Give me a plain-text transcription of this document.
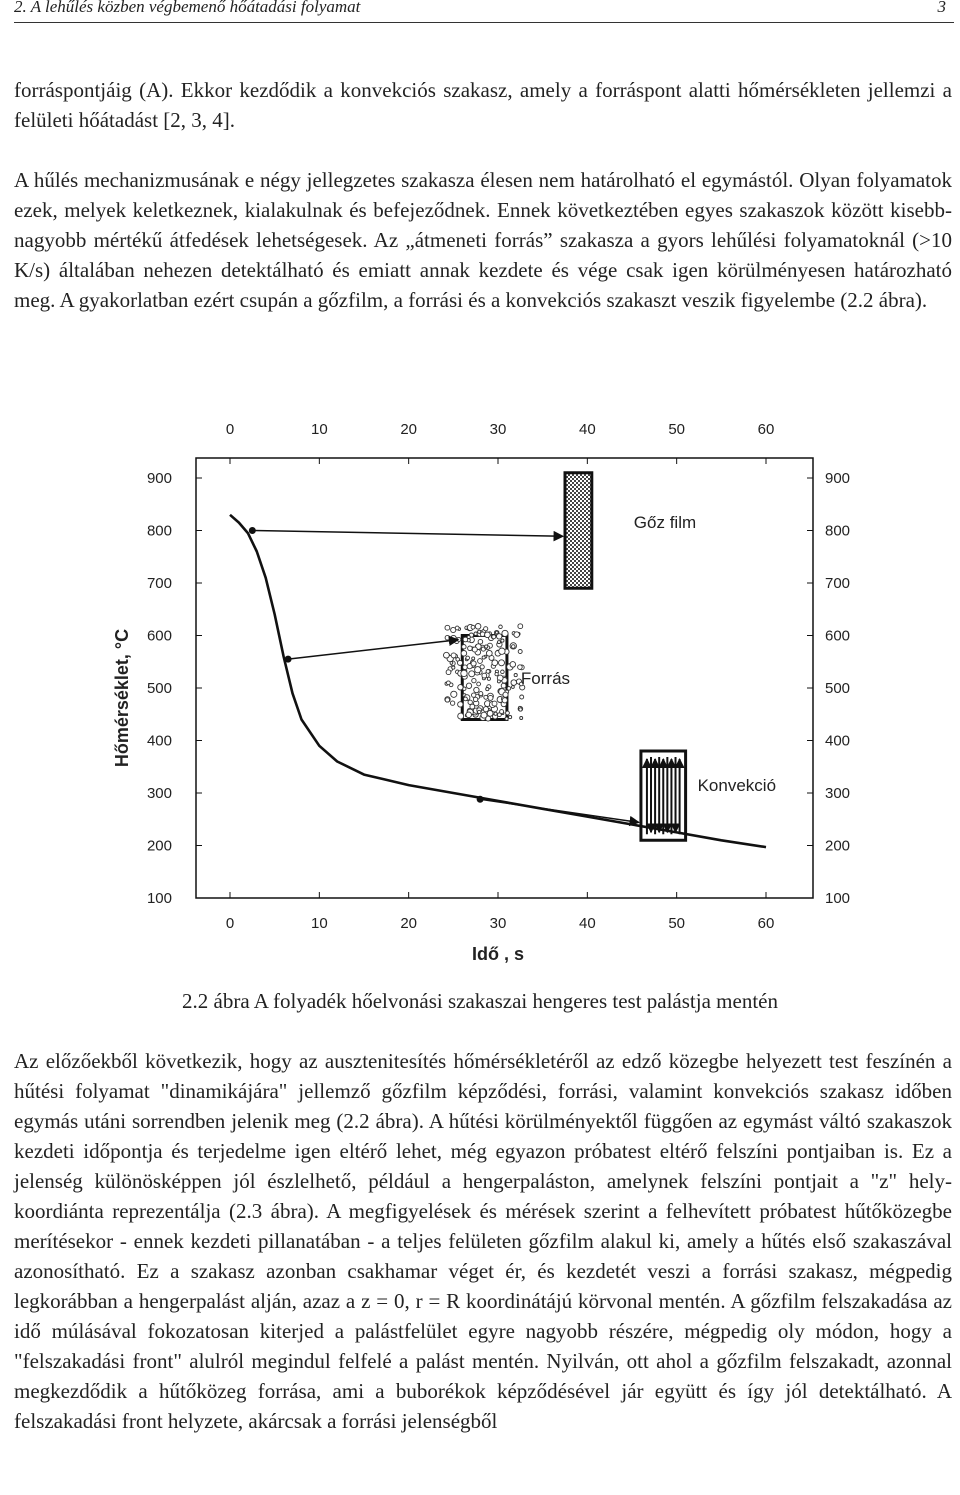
2. A lehűlés közben végbemenő hőátadási folyamat	3

forráspontjáig (A). Ekkor kezdődik a konvekciós szakasz, amely a forráspont alatti hőmérsékleten jellemzi a felületi hőátadást [2, 3, 4].

A hűlés mechanizmusának e négy jellegzetes szakasza élesen nem határolható el egymástól. Olyan folyamatok ezek, melyek keletkeznek, kialakulnak és befejeződnek. Ennek következtében egyes szakaszok között kisebb-nagyobb mértékű átfedések lehetségesek. Az „átmeneti forrás” szakasza a gyors lehűlési folyamatoknál (>10 K/s) általában nehezen detektálható és emiatt annak kezdete és vége csak igen körülményesen határozható meg. A gyakorlatban ezért csupán a gőzfilm, a forrási és a konvekciós szakaszt veszik figyelembe (2.2 ábra).

0
0
10
10
20
20
30
30
40
40
50
50
60
60
100	100
200	200
300	300
400	400
500	500
600	600
700	700
800	800
900	900
Idő , s
Hőmérséklet, °C
Gőz film
Forrás
Konvekció
2.2 ábra A folyadék hőelvonási szakaszai hengeres test palástja mentén

Az előzőekből következik, hogy az ausztenitesítés hőmérsékletéről az edző közegbe helyezett test feszínén a hűtési folyamat "dinamikájára" jellemző gőzfilm képződési, forrási, valamint konvekciós szakasz időben egymás utáni sorrendben jelenik meg (2.2 ábra). A hűtési körülményektől függően az egymást váltó szakaszok kezdeti időpontja és terjedelme igen eltérő lehet, még egyazon próbatest eltérő felszíni pontjaiban is. Ez a jelenség különösképpen jól észlelhető, például a hengerpaláston, amelynek felszíni pontjait a "z" hely-koordiánta reprezentálja (2.3 ábra). A megfigyelések és mérések szerint a felhevített próbatest hűtőközegbe merítésekor - ennek kezdeti pillanatában - a teljes felületen gőzfilm alakul ki, amely a hűtés első szakaszával azonosítható. Ez a szakasz azonban csakhamar véget ér, és kezdetét veszi a forrási szakasz, mégpedig legkorábban a hengerpalást alján, azaz a z = 0, r = R koordinátájú körvonal mentén. A gőzfilm felszakadása az idő múlásával fokozatosan kiterjed a palástfelület egyre nagyobb részére, mégpedig oly módon, hogy a "felszakadási front" alulról megindul felfelé a palást mentén. Nyilván, ott ahol a gőzfilm felszakadt, azonnal megkezdődik a hűtőközeg forrása, ami a buborékok képződésével jár együtt és így jól detektálható. A felszakadási front helyzete, akárcsak a forrási jelenségből
